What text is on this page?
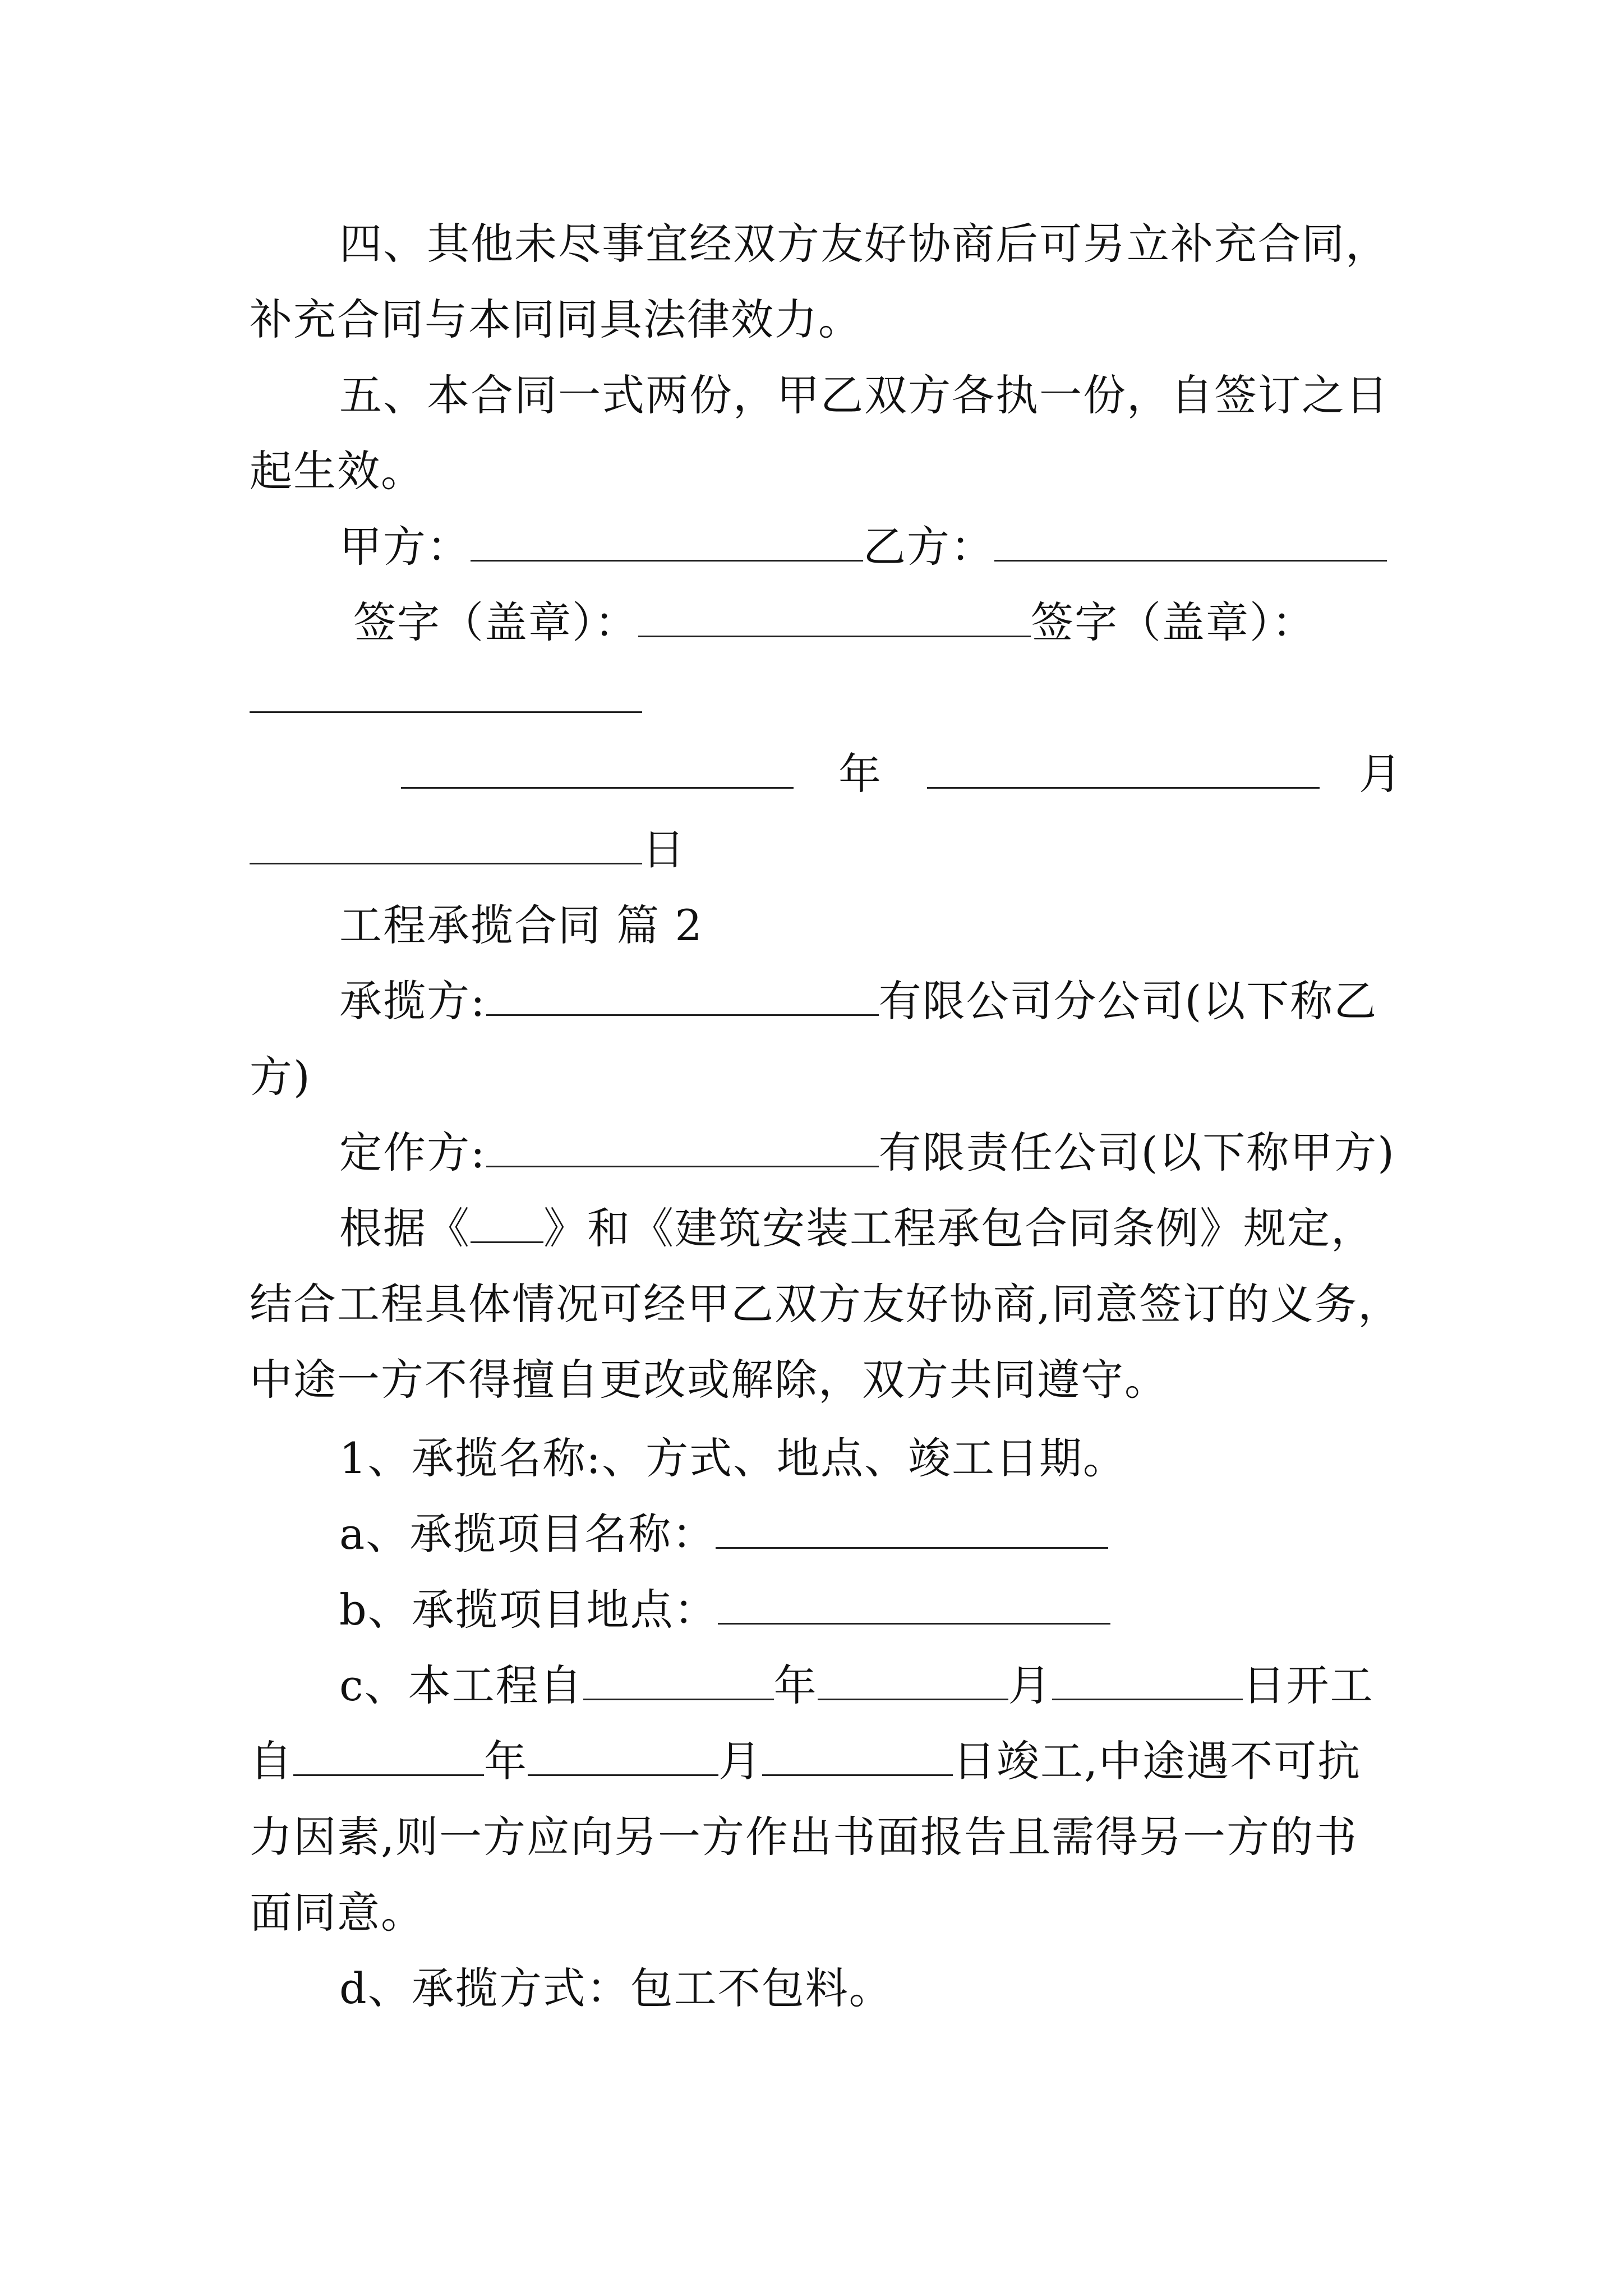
四、其他未尽事宜经双方友好协商后可另立补充合同，
补充合同与本同同具法律效力。
五、本合同一式两份，甲乙双方各执一份，自签订之日
起生效。
甲方：	乙方：
签字（盖章）：	签字（盖章）：
年	月
日
工程承揽合同 篇 2
承揽方:	有限公司分公司(以下称乙
方)
定作方:	有限责任公司(以下称甲方)
根据《 》和《建筑安装工程承包合同条例》规定，
结合工程具体情况可经甲乙双方友好协商,同意签订的义务，
中途一方不得擅自更改或解除，双方共同遵守。
1、承揽名称:、方式、地点、竣工日期。
a、承揽项目名称：
b、承揽项目地点：
c、本工程自	年	月	日开工
自	年	月	日竣工,中途遇不可抗
力因素,则一方应向另一方作出书面报告且需得另一方的书
面同意。
d、承揽方式：包工不包料。
